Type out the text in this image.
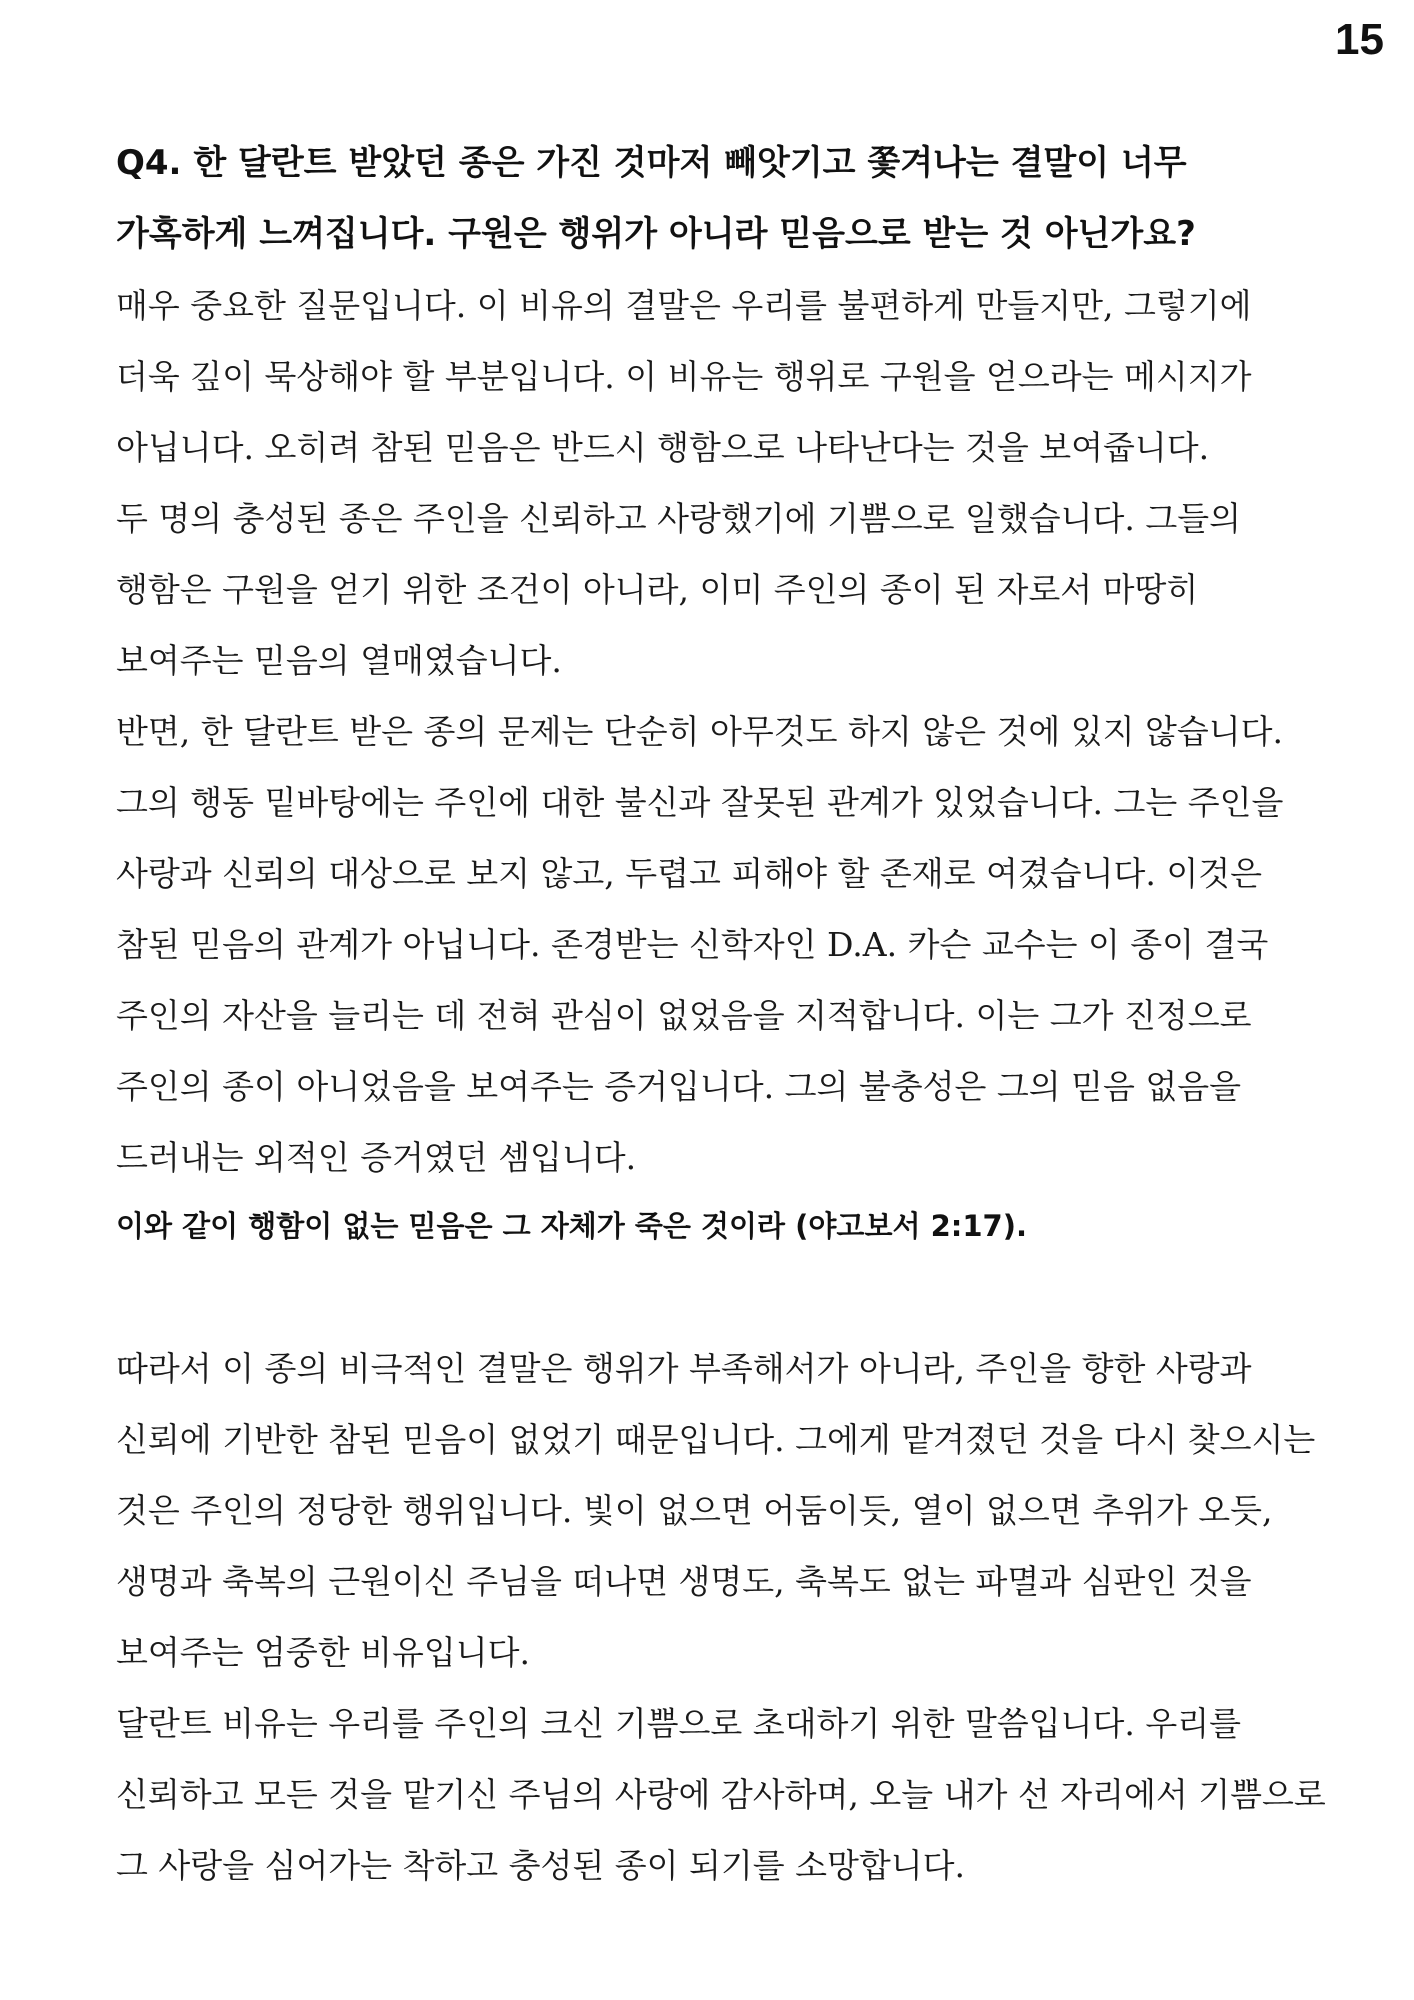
15
Q4. 한 달란트 받았던 종은 가진 것마저 빼앗기고 쫓겨나는 결말이 너무
가혹하게 느껴집니다. 구원은 행위가 아니라 믿음으로 받는 것 아닌가요?

매우 중요한 질문입니다. 이 비유의 결말은 우리를 불편하게 만들지만, 그렇기에
더욱 깊이 묵상해야 할 부분입니다. 이 비유는 행위로 구원을 얻으라는 메시지가
아닙니다. 오히려 참된 믿음은 반드시 행함으로 나타난다는 것을 보여줍니다.

두 명의 충성된 종은 주인을 신뢰하고 사랑했기에 기쁨으로 일했습니다. 그들의
행함은 구원을 얻기 위한 조건이 아니라, 이미 주인의 종이 된 자로서 마땅히
보여주는 믿음의 열매였습니다.

반면, 한 달란트 받은 종의 문제는 단순히 아무것도 하지 않은 것에 있지 않습니다.
그의 행동 밑바탕에는 주인에 대한 불신과 잘못된 관계가 있었습니다. 그는 주인을
사랑과 신뢰의 대상으로 보지 않고, 두렵고 피해야 할 존재로 여겼습니다. 이것은
참된 믿음의 관계가 아닙니다. 존경받는 신학자인 D.A. 카슨 교수는 이 종이 결국
주인의 자산을 늘리는 데 전혀 관심이 없었음을 지적합니다. 이는 그가 진정으로
주인의 종이 아니었음을 보여주는 증거입니다. 그의 불충성은 그의 믿음 없음을
드러내는 외적인 증거였던 셈입니다.

이와 같이 행함이 없는 믿음은 그 자체가 죽은 것이라 (야고보서 2:17).

따라서 이 종의 비극적인 결말은 행위가 부족해서가 아니라, 주인을 향한 사랑과
신뢰에 기반한 참된 믿음이 없었기 때문입니다. 그에게 맡겨졌던 것을 다시 찾으시는
것은 주인의 정당한 행위입니다. 빛이 없으면 어둠이듯, 열이 없으면 추위가 오듯,
생명과 축복의 근원이신 주님을 떠나면 생명도, 축복도 없는 파멸과 심판인 것을
보여주는 엄중한 비유입니다.

달란트 비유는 우리를 주인의 크신 기쁨으로 초대하기 위한 말씀입니다. 우리를
신뢰하고 모든 것을 맡기신 주님의 사랑에 감사하며, 오늘 내가 선 자리에서 기쁨으로
그 사랑을 심어가는 착하고 충성된 종이 되기를 소망합니다.
